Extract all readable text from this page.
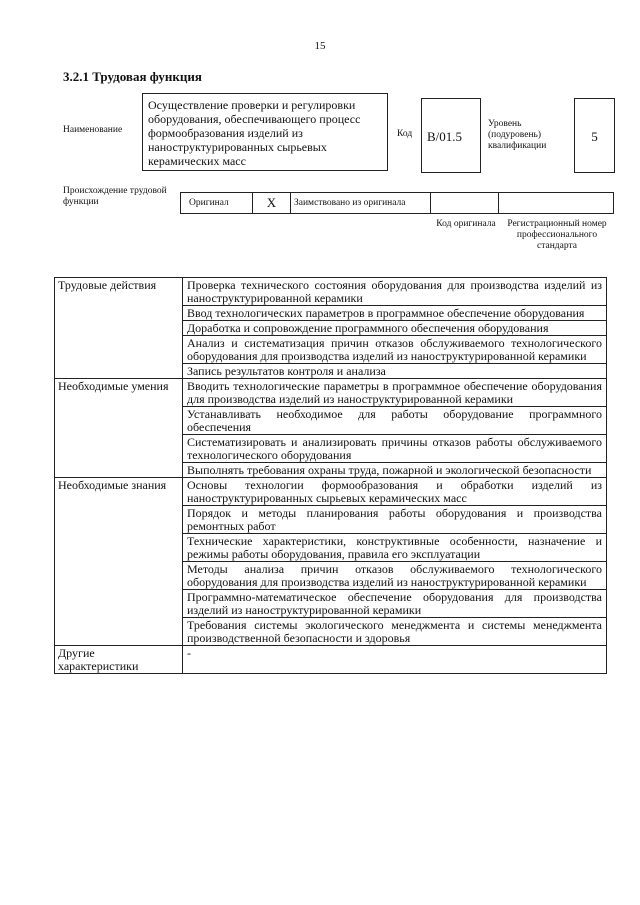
15
3.2.1 Трудовая функция
Наименование
Осуществление проверки и регулировки оборудования, обеспечивающего процесс формообразования изделий из наноструктурированных сырьевых керамических масс
Код	B/01.5
Уровень (подуровень) квалификации
5
Происхождение трудовой функции	Оригинал	X	Заимствовано из оригинала
Код оригинала Регистрационный номер профессионального стандарта
Трудовые действия	Проверка технического состояния оборудования для производства изделий из наноструктурированной керамики
	Ввод технологических параметров в программное обеспечение оборудования
	Доработка и сопровождение программного обеспечения оборудования
	Анализ и систематизация причин отказов обслуживаемого технологического оборудования для производства изделий из наноструктурированной керамики
	Запись результатов контроля и анализа
Необходимые умения	Вводить технологические параметры в программное обеспечение оборудования для производства изделий из наноструктурированной керамики
	Устанавливать необходимое для работы оборудование программного обеспечения
	Систематизировать и анализировать причины отказов работы обслуживаемого технологического оборудования
	Выполнять требования охраны труда, пожарной и экологической безопасности
Необходимые знания	Основы технологии формообразования и обработки изделий из наноструктурированных сырьевых керамических масс
	Порядок и методы планирования работы оборудования и производства ремонтных работ
	Технические характеристики, конструктивные особенности, назначение и режимы работы оборудования, правила его эксплуатации
	Методы анализа причин отказов обслуживаемого технологического оборудования для производства изделий из наноструктурированной керамики
	Программно-математическое обеспечение оборудования для производства изделий из наноструктурированной керамики
	Требования системы экологического менеджмента и системы менеджмента производственной безопасности и здоровья
Другие характеристики	-
